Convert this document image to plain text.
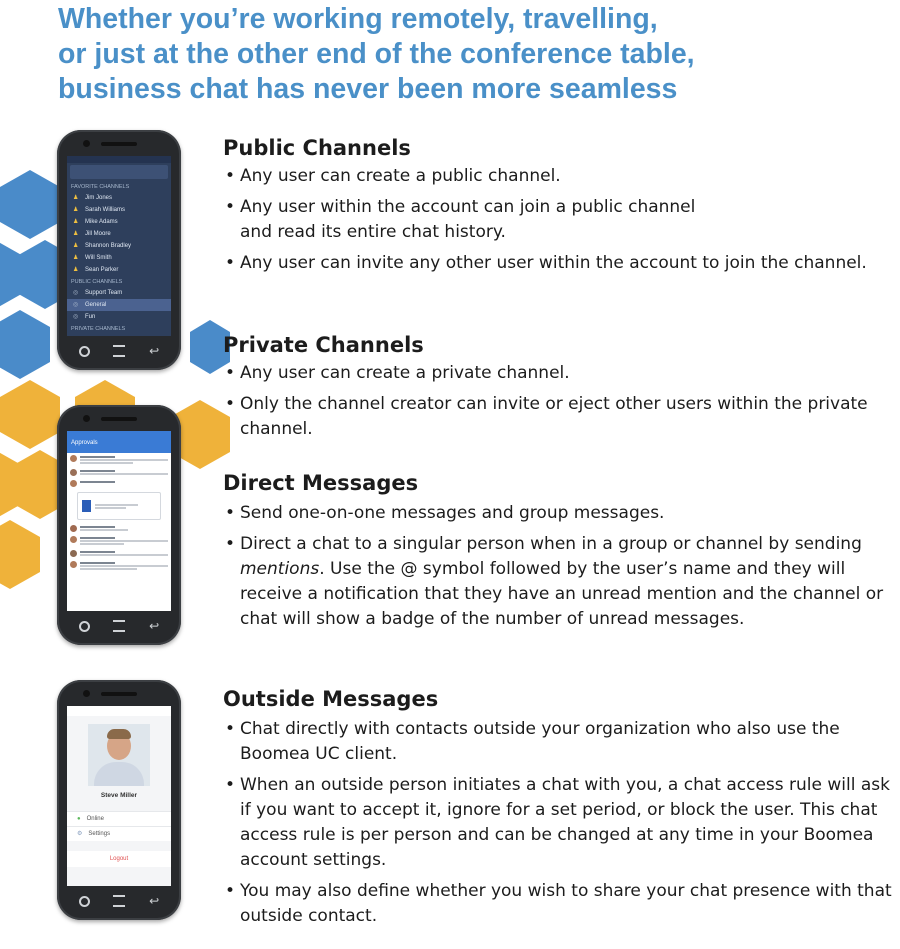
Whether you’re working remotely, travelling,
or just at the other end of the conference table,
business chat has never been more seamless
FAVORITE CHANNELS
♟ Jim Jones
♟ Sarah Williams
♟ Mike Adams
♟ Jill Moore
♟ Shannon Bradley
♟ Will Smith
♟ Sean Parker
PUBLIC CHANNELS
◎ Support Team
◎ General
◎ Fun
PRIVATE CHANNELS
↩
Approvals
↩
Steve Miller

● Online
⚙ Settings
Logout
↩
Public Channels
• Any user can create a public channel.
• Any user within the account can join a public channel and read its entire chat history.
• Any user can invite any other user within the account to join the channel.
Private Channels
• Any user can create a private channel.
• Only the channel creator can invite or eject other users within the private channel.
Direct Messages
• Send one-on-one messages and group messages.
• Direct a chat to a singular person when in a group or channel by sending mentions. Use the @ symbol followed by the user’s name and they will receive a notification that they have an unread mention and the channel or chat will show a badge of the number of unread messages.
Outside Messages
• Chat directly with contacts outside your organization who also use the Boomea UC client.
• When an outside person initiates a chat with you, a chat access rule will ask if you want to accept it, ignore for a set period, or block the user. This chat access rule is per person and can be changed at any time in your Boomea account settings.
• You may also define whether you wish to share your chat presence with that outside contact.
